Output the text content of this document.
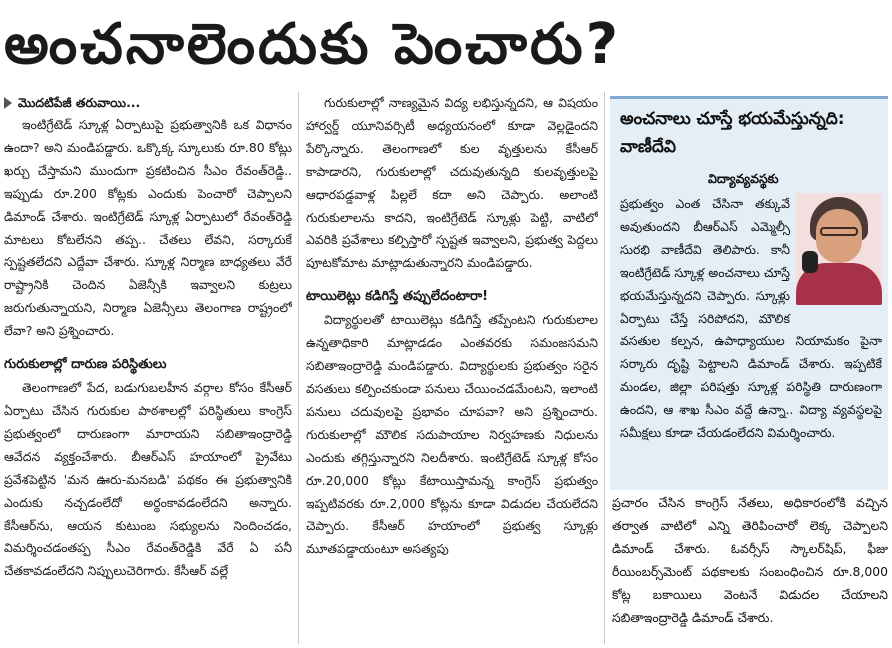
అంచనాలెందుకు పెంచారు?
మొదటిపేజీ తరువాయి...

ఇంటిగ్రేటెడ్ స్కూళ్ల ఏర్పాటుపై ప్రభుత్వానికి ఒక విధానం ఉందా? అని మండిపడ్డారు. ఒక్కొక్క స్కూలుకు రూ.80 కోట్లు ఖర్చు చేస్తామని ముందుగా ప్రకటించిన సీఎం రేవంత్‌రెడ్డి.. ఇప్పుడు రూ.200 కోట్లకు ఎందుకు పెంచారో చెప్పాలని డిమాండ్ చేశారు. ఇంటిగ్రేటెడ్ స్కూళ్ల ఏర్పాటులో రేవంత్‌రెడ్డి మాటలు కోటలేనని తప్ప.. చేతలు లేవని, సర్కారుకే స్పష్టతలేదని ఎద్దేవా చేశారు. స్కూళ్ల నిర్మాణ బాధ్యతలు వేరే రాష్ట్రానికి చెందిన ఏజెన్సీకి ఇవ్వాలని కుట్రలు జరుగుతున్నాయని, నిర్మాణ ఏజెన్సీలు తెలంగాణ రాష్ట్రంలో లేవా? అని ప్రశ్నించారు.

గురుకులాల్లో దారుణ పరిస్థితులు

తెలంగాణలో పేద, బడుగుబలహీన వర్గాల కోసం కేసీఆర్ ఏర్పాటు చేసిన గురుకుల పాఠశాలల్లో పరిస్థితులు కాంగ్రెస్ ప్రభుత్వంలో దారుణంగా మారాయని సబితాఇంద్రారెడ్డి ఆవేదన వ్యక్తంచేశారు. బీఆర్ఎస్ హయాంలో ప్రైవేటు ప్రవేశపెట్టిన 'మన ఊరు-మనబడి' పథకం ఈ ప్రభుత్వానికి ఎందుకు నచ్చడంలేదో అర్థంకావడంలేదని అన్నారు. కేసీఆర్‌ను, ఆయన కుటుంబ సభ్యులను నిందించడం, విమర్శించడంతప్ప సీఎం రేవంత్‌రెడ్డికి వేరే ఏ పనీ చేతకావడంలేదని నిప్పులుచెరిగారు. కేసీఆర్ వల్లే

గురుకులాల్లో నాణ్యమైన విద్య లభిస్తున్నదని, ఆ విషయం హార్వర్డ్ యూనివర్సిటీ అధ్యయనంలో కూడా వెల్లడైందని పేర్కొన్నారు. తెలంగాణలో కుల వృత్తులను కేసీఆర్ కాపాడారని, గురుకులాల్లో చదువుతున్నది కులవృత్తులపై ఆధారపడ్డవాళ్ల పిల్లలే కదా అని చెప్పారు. అలాంటి గురుకులాలను కాదని, ఇంటిగ్రేటెడ్ స్కూళ్లు పెట్టి, వాటిలో ఎవరికి ప్రవేశాలు కల్పిస్తారో స్పష్టత ఇవ్వాలని, ప్రభుత్వ పెద్దలు పూటకోమాట మాట్లాడుతున్నారని మండిపడ్డారు.

టాయిలెట్లు కడిగిస్తే తప్పులేదంటారా!

విద్యార్థులతో టాయిలెట్లు కడిగిస్తే తప్పేంటని గురుకులాల ఉన్నతాధికారి మాట్లాడడం ఎంతవరకు సమంజసమని సబితాఇంద్రారెడ్డి మండిపడ్డారు. విద్యార్థులకు ప్రభుత్వం సరైన వసతులు కల్పించకుండా పనులు చేయించడమేంటని, ఇలాంటి పనులు చదువులపై ప్రభావం చూపవా? అని ప్రశ్నించారు. గురుకులాల్లో మౌలిక సదుపాయాల నిర్వహణకు నిధులను ఎందుకు తగ్గిస్తున్నారని నిలదీశారు. ఇంటిగ్రేటెడ్ స్కూళ్ల కోసం రూ.20,000 కోట్లు కేటాయిస్తామన్న కాంగ్రెస్ ప్రభుత్వం ఇప్పటివరకు రూ.2,000 కోట్లను కూడా విడుదల చేయలేదని చెప్పారు. కేసీఆర్ హయాంలో ప్రభుత్వ స్కూళ్లు మూతపడ్డాయంటూ అసత్యపు

అంచనాలు చూస్తే భయమేస్తున్నది: వాణీదేవి
విద్యావ్యవస్థకు
ప్రభుత్వం ఎంత చేసినా తక్కువే అవుతుందని బీఆర్ఎస్ ఎమ్మెల్సీ సురభి వాణీదేవి తెలిపారు. కానీ ఇంటిగ్రేటెడ్ స్కూళ్ల అంచనాలు చూస్తే భయమేస్తున్నదని చెప్పారు. స్కూళ్లు ఏర్పాటు చేస్తే సరిపోదని, మౌలిక వసతుల కల్పన, ఉపాధ్యాయుల నియామకం పైనా సర్కారు దృష్టి పెట్టాలని డిమాండ్ చేశారు. ఇప్పటికే మండల, జిల్లా పరిషత్తు స్కూళ్ల పరిస్థితి దారుణంగా ఉందని, ఆ శాఖ సీఎం వద్దే ఉన్నా.. విద్యా వ్యవస్థలపై సమీక్షలు కూడా చేయడంలేదని విమర్శించారు.

ప్రచారం చేసిన కాంగ్రెస్ నేతలు, అధికారంలోకి వచ్చిన తర్వాత వాటిలో ఎన్ని తెరిపించారో లెక్క చెప్పాలని డిమాండ్ చేశారు. ఓవర్సీస్ స్కాలర్‌షిప్, ఫీజు రీయింబర్స్‌మెంట్ పథకాలకు సంబంధించిన రూ.8,000 కోట్ల బకాయిలు వెంటనే విడుదల చేయాలని సబితాఇంద్రారెడ్డి డిమాండ్ చేశారు.
